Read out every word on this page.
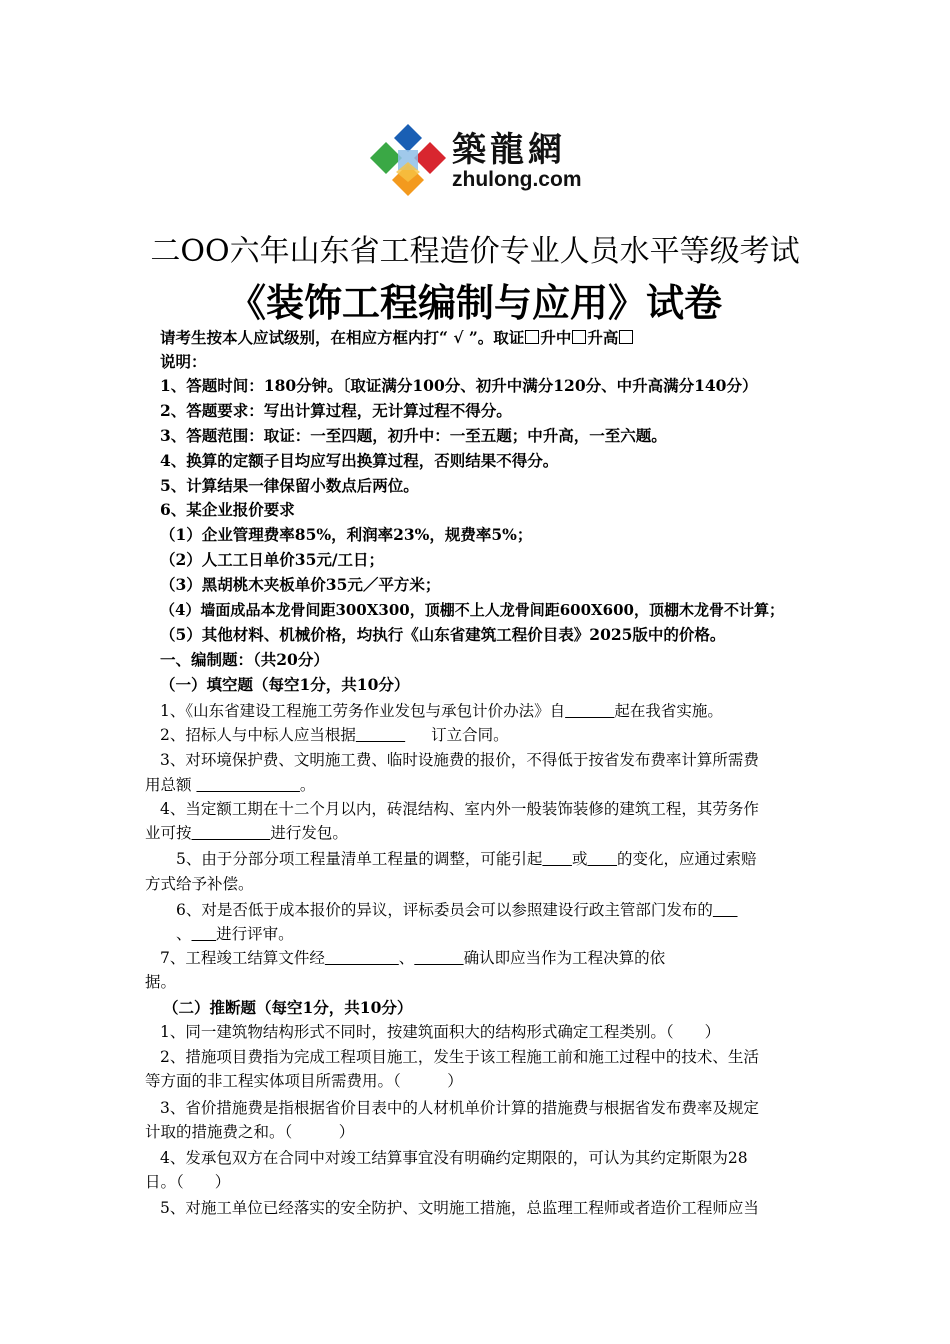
築龍網
zhulong.com
二OO六年山东省工程造价专业人员水平等级考试
《装饰工程编制与应用》试卷
请考生按本人应试级别，在相应方框内打“ √ ”。取证 升中 升高
说明：
1、答题时间：180分钟。〔取证满分100分、初升中满分120分、中升高满分140分）
2、答题要求：写出计算过程，无计算过程不得分。
3、答题范围：取证：一至四题，初升中：一至五题；中升高，一至六题。
4、换算的定额子目均应写出换算过程，否则结果不得分。
5、计算结果一律保留小数点后两位。
6、某企业报价要求
（1）企业管理费率85%，利润率23%，规费率5%；
（2）人工工日单价35元/工日；
（3）黑胡桃木夹板单价35元／平方米；
（4）墙面成品本龙骨间距300X300，顶棚不上人龙骨间距600X600，顶棚木龙骨不计算；
（5）其他材料、机械价格，均执行《山东省建筑工程价目表》2025版中的价格。
一、编制题：（共20分）
（一）填空题（每空1分，共10分）
1、《山东省建设工程施工劳务作业发包与承包计价办法》自	起在我省实施。
2、招标人与中标人应当根据	订立合同。
3、对环境保护费、文明施工费、临时设施费的报价，不得低于按省发布费率计算所需费
用总额	。
4、当定额工期在十二个月以内，砖混结构、室内外一般装饰装修的建筑工程，其劳务作
业可按	进行发包。
5、由于分部分项工程量清单工程量的调整，可能引起 或 的变化，应通过索赔
方式给予补偿。
6、对是否低于成本报价的异议，评标委员会可以参照建设行政主管部门发布的
、 进行评审。
7、工程竣工结算文件经	、	确认即应当作为工程决算的依
据。
（二）推断题（每空1分，共10分）
1、同一建筑物结构形式不同时，按建筑面积大的结构形式确定工程类别。（　　）
2、措施项目费指为完成工程项目施工，发生于该工程施工前和施工过程中的技术、生活
等方面的非工程实体项目所需费用。（　　　）
3、省价措施费是指根据省价目表中的人材机单价计算的措施费与根据省发布费率及规定
计取的措施费之和。（　　　）
4、发承包双方在合同中对竣工结算事宜没有明确约定期限的，可认为其约定斯限为28
日。（　　）
5、对施工单位已经落实的安全防护、文明施工措施，总监理工程师或者造价工程师应当
